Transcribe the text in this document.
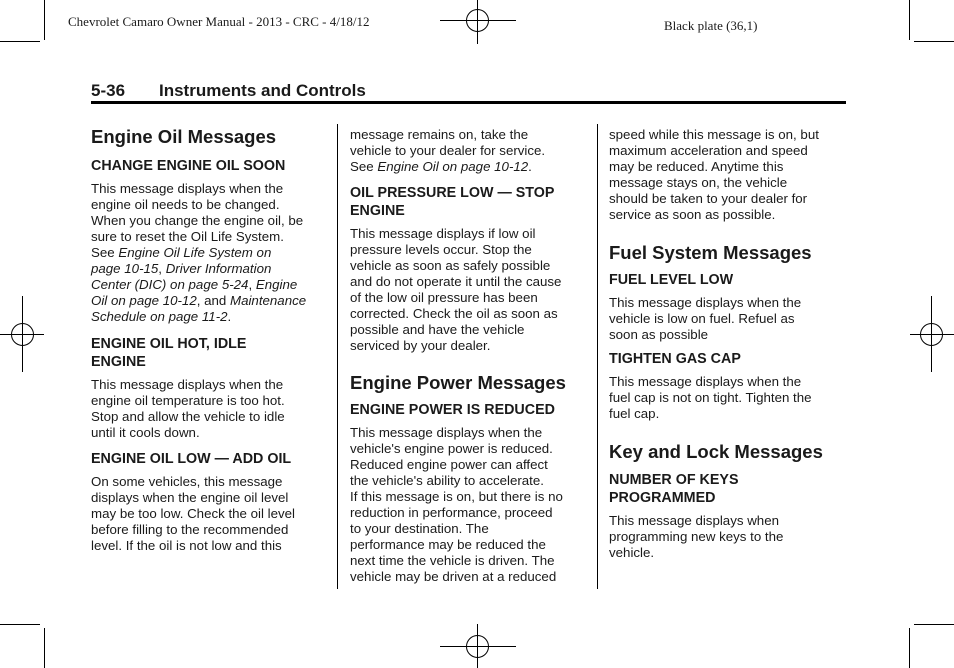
Chevrolet Camaro Owner Manual - 2013 - CRC - 4/18/12	Black plate (36,1)
5-36 Instruments and Controls
Engine Oil Messages
CHANGE ENGINE OIL SOON
This message displays when the
engine oil needs to be changed.
When you change the engine oil, be
sure to reset the Oil Life System.
See Engine Oil Life System on
page 10-15, Driver Information
Center (DIC) on page 5-24, Engine
Oil on page 10-12, and Maintenance
Schedule on page 11-2.
ENGINE OIL HOT, IDLE
ENGINE
This message displays when the
engine oil temperature is too hot.
Stop and allow the vehicle to idle
until it cools down.
ENGINE OIL LOW — ADD OIL
On some vehicles, this message
displays when the engine oil level
may be too low. Check the oil level
before filling to the recommended
level. If the oil is not low and this
message remains on, take the
vehicle to your dealer for service.
See Engine Oil on page 10-12.
OIL PRESSURE LOW — STOP
ENGINE
This message displays if low oil
pressure levels occur. Stop the
vehicle as soon as safely possible
and do not operate it until the cause
of the low oil pressure has been
corrected. Check the oil as soon as
possible and have the vehicle
serviced by your dealer.
Engine Power Messages
ENGINE POWER IS REDUCED
This message displays when the
vehicle's engine power is reduced.
Reduced engine power can affect
the vehicle's ability to accelerate.
If this message is on, but there is no
reduction in performance, proceed
to your destination. The
performance may be reduced the
next time the vehicle is driven. The
vehicle may be driven at a reduced
speed while this message is on, but
maximum acceleration and speed
may be reduced. Anytime this
message stays on, the vehicle
should be taken to your dealer for
service as soon as possible.
Fuel System Messages
FUEL LEVEL LOW
This message displays when the
vehicle is low on fuel. Refuel as
soon as possible
TIGHTEN GAS CAP
This message displays when the
fuel cap is not on tight. Tighten the
fuel cap.
Key and Lock Messages
NUMBER OF KEYS
PROGRAMMED
This message displays when
programming new keys to the
vehicle.
